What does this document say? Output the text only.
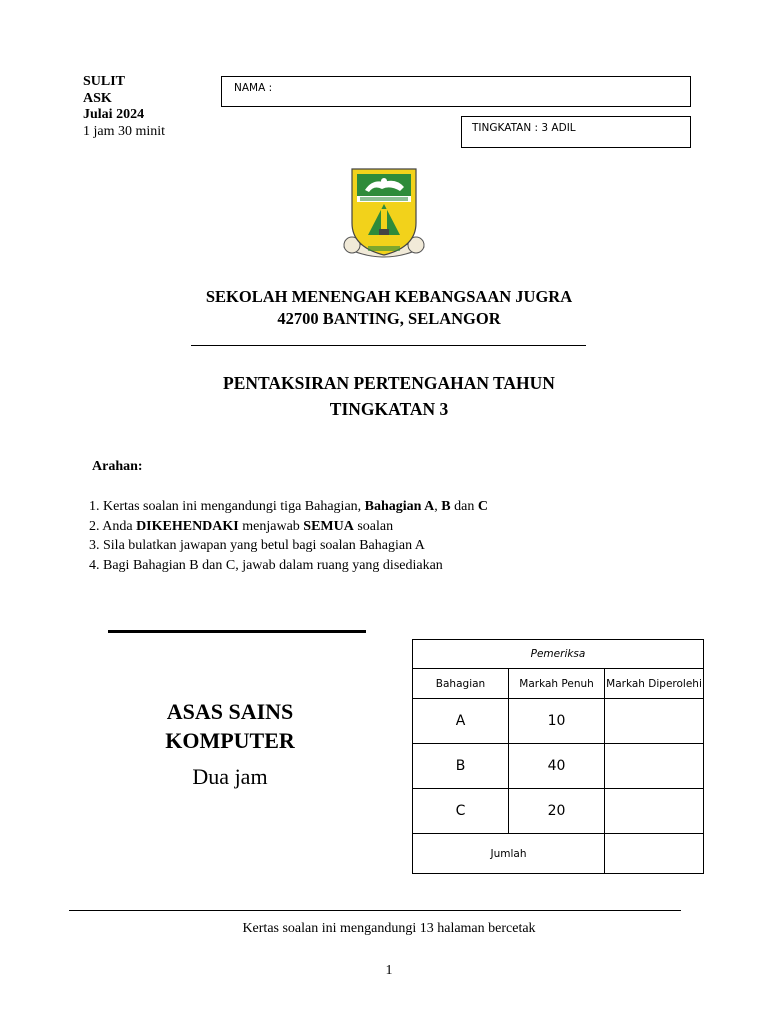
SULIT
ASK
Julai 2024
1 jam 30 minit
NAMA :
TINGKATAN : 3 ADIL
SEKOLAH MENENGAH KEBANGSAAN JUGRA
42700 BANTING, SELANGOR
PENTAKSIRAN PERTENGAHAN TAHUN
TINGKATAN 3
Arahan:
1. Kertas soalan ini mengandungi tiga Bahagian, Bahagian A, B dan C
2. Anda DIKEHENDAKI menjawab SEMUA soalan
3. Sila bulatkan jawapan yang betul bagi soalan Bahagian A
4. Bagi Bahagian B dan C, jawab dalam ruang yang disediakan
ASAS SAINS
KOMPUTER
Dua jam
Pemeriksa		
Bahagian	Markah Penuh	Markah Diperolehi
A	10	
B	40	
C	20	
Jumlah		
Kertas soalan ini mengandungi 13 halaman bercetak
1
